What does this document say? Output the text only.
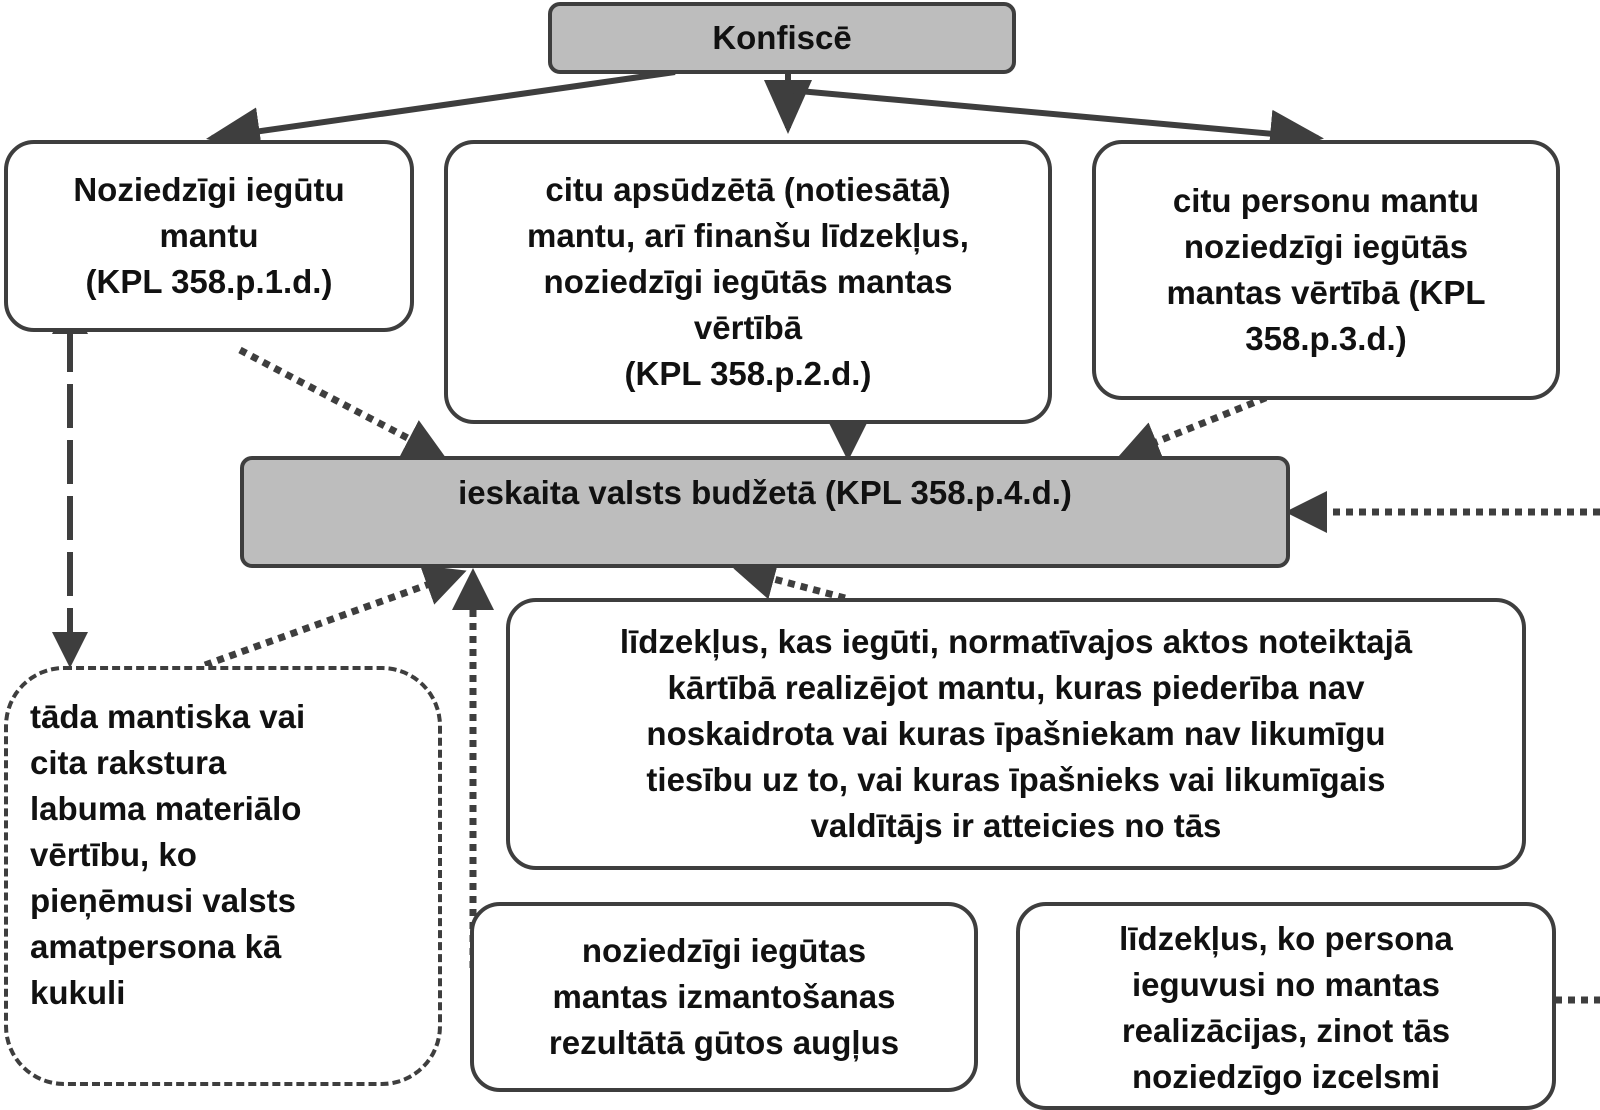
Konfiscē
Noziedzīgi iegūtu
mantu
(KPL 358.p.1.d.)
citu apsūdzētā (notiesātā)
mantu, arī finanšu līdzekļus,
noziedzīgi iegūtās mantas
vērtībā
(KPL 358.p.2.d.)
citu personu mantu
noziedzīgi iegūtās
mantas vērtībā (KPL
358.p.3.d.)
ieskaita valsts budžetā (KPL 358.p.4.d.)
līdzekļus, kas iegūti, normatīvajos aktos noteiktajā
kārtībā realizējot mantu, kuras piederība nav
noskaidrota vai kuras īpašniekam nav likumīgu
tiesību uz to, vai kuras īpašnieks vai likumīgais
valdītājs ir atteicies no tās
tāda mantiska vai
cita rakstura
labuma materiālo
vērtību, ko
pieņēmusi valsts
amatpersona kā
kukuli
noziedzīgi iegūtas
mantas izmantošanas
rezultātā gūtos augļus
līdzekļus, ko persona
ieguvusi no mantas
realizācijas, zinot tās
noziedzīgo izcelsmi
